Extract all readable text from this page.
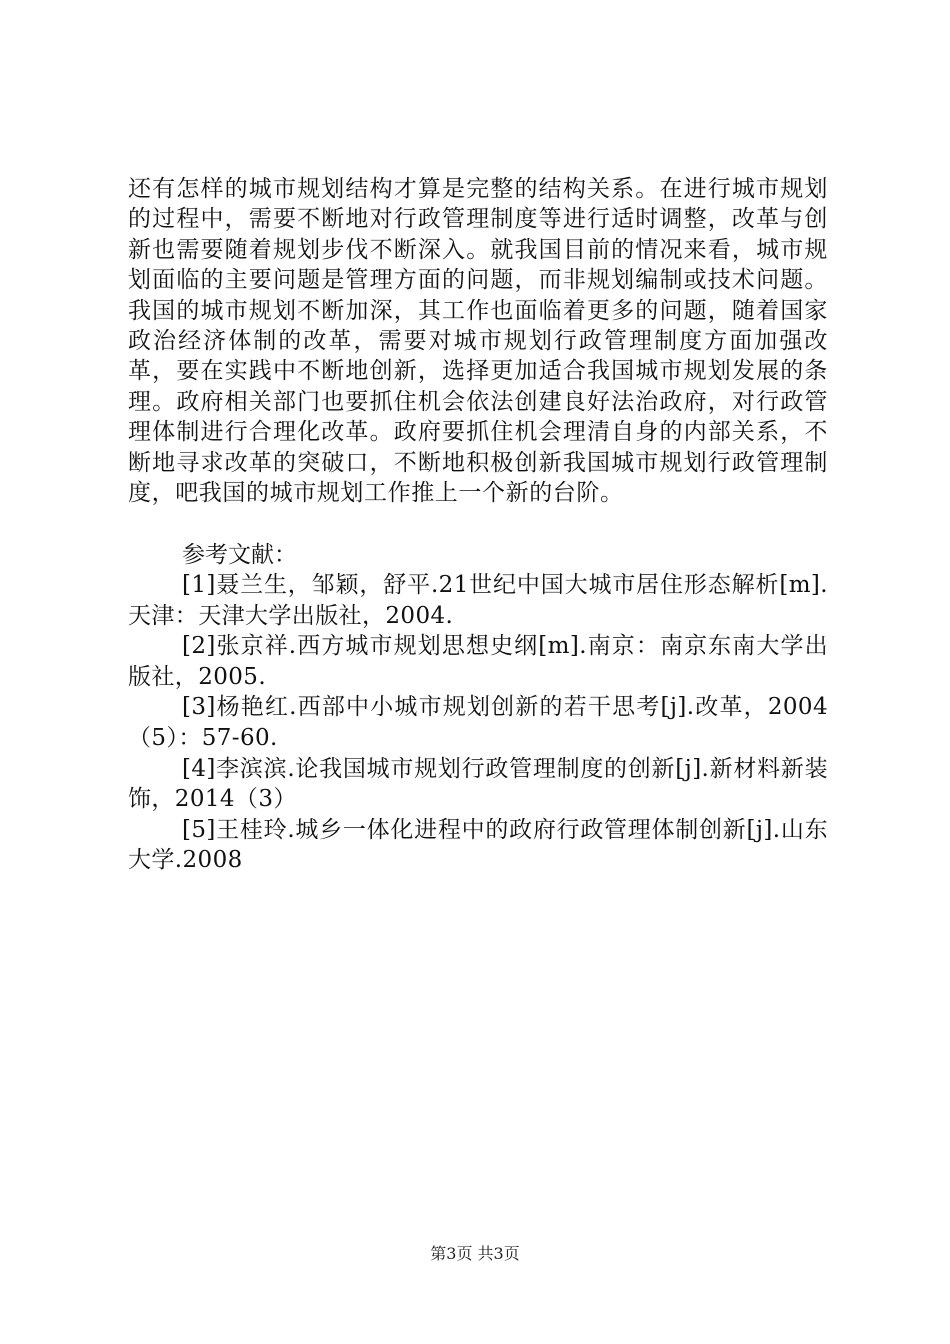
还有怎样的城市规划结构才算是完整的结构关系。在进行城市规划的过程中，需要不断地对行政管理制度等进行适时调整，改革与创新也需要随着规划步伐不断深入。就我国目前的情况来看，城市规划面临的主要问题是管理方面的问题，而非规划编制或技术问题。我国的城市规划不断加深，其工作也面临着更多的问题，随着国家政治经济体制的改革，需要对城市规划行政管理制度方面加强改革，要在实践中不断地创新，选择更加适合我国城市规划发展的条理。政府相关部门也要抓住机会依法创建良好法治政府，对行政管理体制进行合理化改革。政府要抓住机会理清自身的内部关系，不断地寻求改革的突破口，不断地积极创新我国城市规划行政管理制度，吧我国的城市规划工作推上一个新的台阶。

参考文献：

[1]聂兰生，邹颖，舒平.21世纪中国大城市居住形态解析[m].天津：天津大学出版社，2004.
[2]张京祥.西方城市规划思想史纲[m].南京：南京东南大学出版社，2005.
[3]杨艳红.西部中小城市规划创新的若干思考[j].改革，2004（5）：57-60.
[4]李滨滨.论我国城市规划行政管理制度的创新[j].新材料新装饰，2014（3）
[5]王桂玲.城乡一体化进程中的政府行政管理体制创新[j].山东大学.2008
第3页 共3页
